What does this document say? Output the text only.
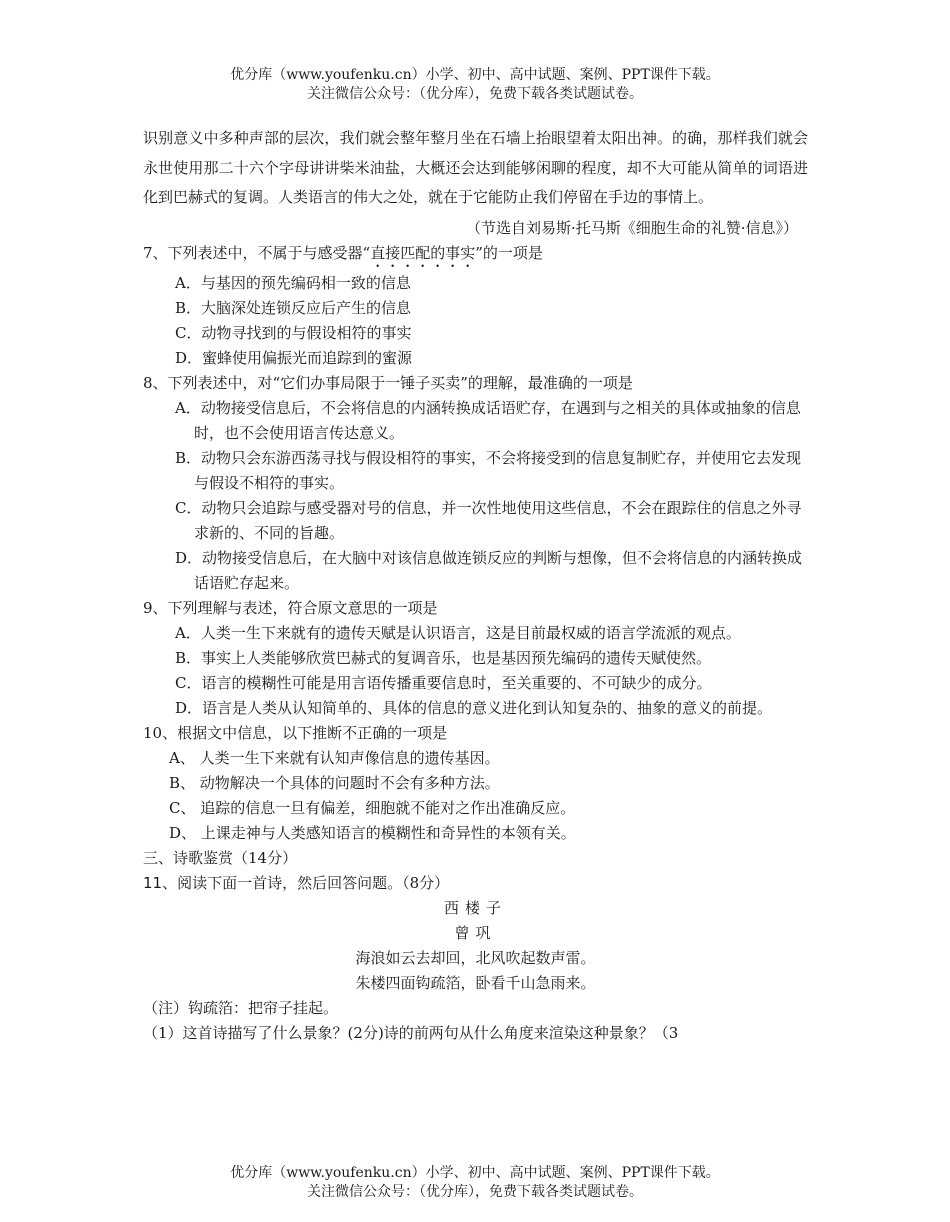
优分库（www.youfenku.cn）小学、初中、高中试题、案例、PPT课件下载。
关注微信公众号：（优分库），免费下载各类试题试卷。

识别意义中多种声部的层次，我们就会整年整月坐在石墙上抬眼望着太阳出神。的确，那样我们就会永世使用那二十六个字母讲讲柴米油盐，大概还会达到能够闲聊的程度，却不大可能从简单的词语进化到巴赫式的复调。人类语言的伟大之处，就在于它能防止我们停留在手边的事情上。

（节选自刘易斯·托马斯《细胞生命的礼赞·信息》）

7、下列表述中，不属于与感受器“直接匹配的事实”的一项是

A．与基因的预先编码相一致的信息

B．大脑深处连锁反应后产生的信息

C．动物寻找到的与假设相符的事实

D．蜜蜂使用偏振光而追踪到的蜜源

8、下列表述中，对“它们办事局限于一锤子买卖”的理解，最准确的一项是

A．动物接受信息后，不会将信息的内涵转换成话语贮存，在遇到与之相关的具体或抽象的信息时，也不会使用语言传达意义。

B．动物只会东游西荡寻找与假设相符的事实，不会将接受到的信息复制贮存，并使用它去发现与假设不相符的事实。

C．动物只会追踪与感受器对号的信息，并一次性地使用这些信息，不会在跟踪住的信息之外寻求新的、不同的旨趣。

D．动物接受信息后，在大脑中对该信息做连锁反应的判断与想像，但不会将信息的内涵转换成话语贮存起来。

9、下列理解与表述，符合原文意思的一项是

A．人类一生下来就有的遗传天赋是认识语言，这是目前最权威的语言学流派的观点。

B．事实上人类能够欣赏巴赫式的复调音乐，也是基因预先编码的遗传天赋使然。

C．语言的模糊性可能是用言语传播重要信息时，至关重要的、不可缺少的成分。

D．语言是人类从认知简单的、具体的信息的意义进化到认知复杂的、抽象的意义的前提。

10、根据文中信息，以下推断不正确的一项是

A、 人类一生下来就有认知声像信息的遗传基因。

B、 动物解决一个具体的问题时不会有多种方法。

C、 追踪的信息一旦有偏差，细胞就不能对之作出准确反应。

D、 上课走神与人类感知语言的模糊性和奇异性的本领有关。

三、诗歌鉴赏（14分）

11、阅读下面一首诗，然后回答问题。（8分）

西楼子

曾巩

海浪如云去却回，北风吹起数声雷。

朱楼四面钩疏箔，卧看千山急雨来。

（注）钩疏箔：把帘子挂起。

（1）这首诗描写了什么景象？(2分)诗的前两句从什么角度来渲染这种景象？（3

优分库（www.youfenku.cn）小学、初中、高中试题、案例、PPT课件下载。
关注微信公众号：（优分库），免费下载各类试题试卷。
